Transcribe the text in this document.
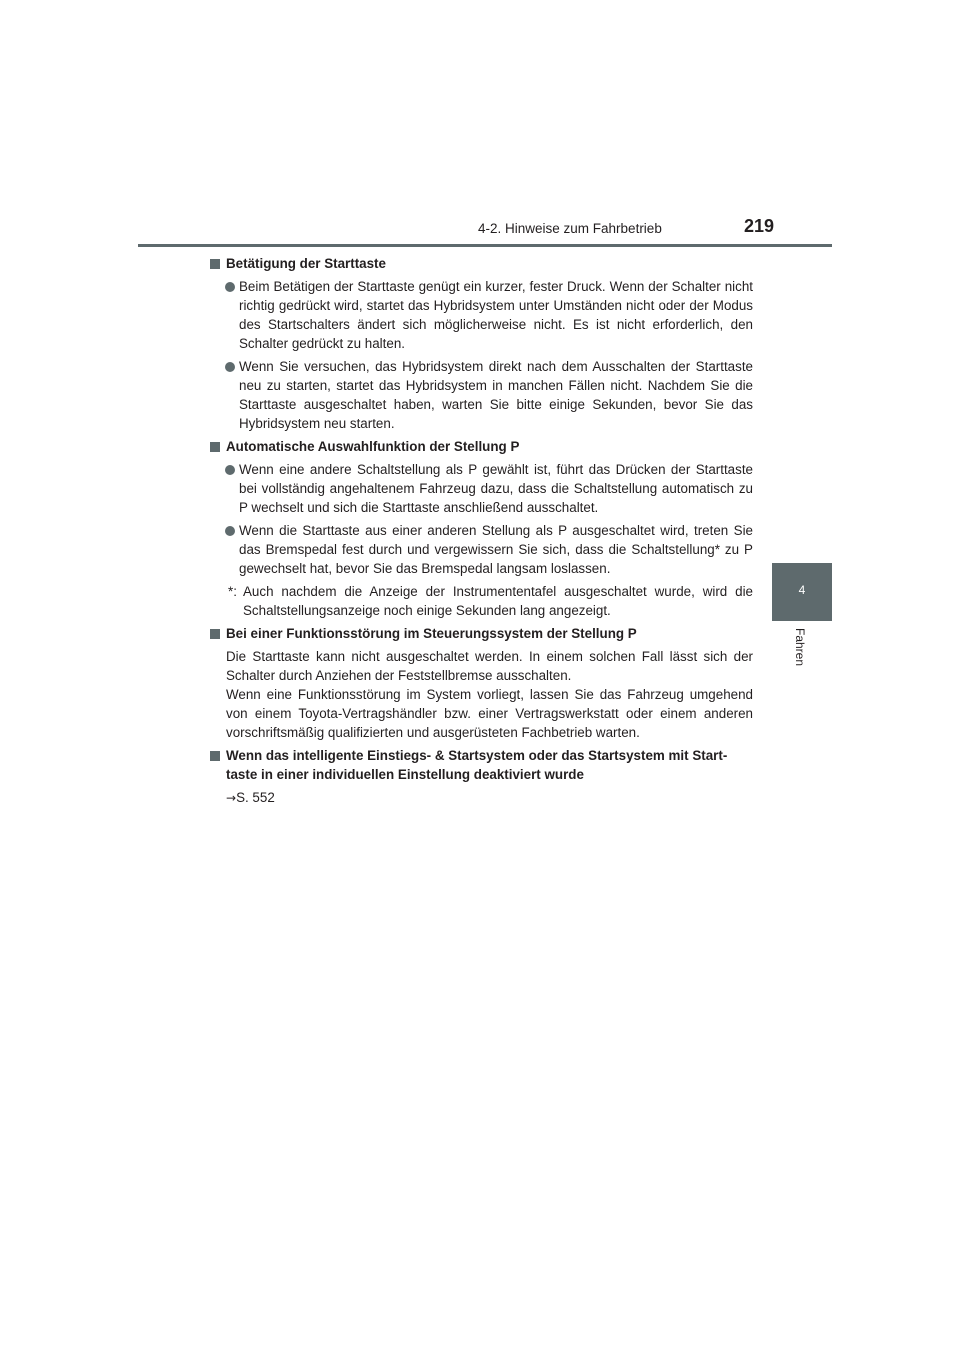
4-2. Hinweise zum Fahrbetrieb	219
4
Fahren
Betätigung der Starttaste
Beim Betätigen der Starttaste genügt ein kurzer, fester Druck. Wenn der Schalter nicht richtig gedrückt wird, startet das Hybridsystem unter Umständen nicht oder der Modus des Startschalters ändert sich möglicherweise nicht. Es ist nicht erforderlich, den Schalter gedrückt zu halten.
Wenn Sie versuchen, das Hybridsystem direkt nach dem Ausschalten der Starttaste neu zu starten, startet das Hybridsystem in manchen Fällen nicht. Nachdem Sie die Starttaste ausgeschaltet haben, warten Sie bitte einige Sekunden, bevor Sie das Hybridsystem neu starten.
Automatische Auswahlfunktion der Stellung P
Wenn eine andere Schaltstellung als P gewählt ist, führt das Drücken der Starttaste bei vollständig angehaltenem Fahrzeug dazu, dass die Schaltstellung automatisch zu P wechselt und sich die Starttaste anschließend ausschaltet.
Wenn die Starttaste aus einer anderen Stellung als P ausgeschaltet wird, treten Sie das Bremspedal fest durch und vergewissern Sie sich, dass die Schaltstellung* zu P gewechselt hat, bevor Sie das Bremspedal langsam loslassen.
*: Auch nachdem die Anzeige der Instrumententafel ausgeschaltet wurde, wird die Schaltstellungsanzeige noch einige Sekunden lang angezeigt.
Bei einer Funktionsstörung im Steuerungssystem der Stellung P
Die Starttaste kann nicht ausgeschaltet werden. In einem solchen Fall lässt sich der Schalter durch Anziehen der Feststellbremse ausschalten.
Wenn eine Funktionsstörung im System vorliegt, lassen Sie das Fahrzeug umgehend von einem Toyota-Vertragshändler bzw. einer Vertragswerkstatt oder einem anderen vorschriftsmäßig qualifizierten und ausgerüsteten Fachbetrieb warten.
Wenn das intelligente Einstiegs- & Startsystem oder das Startsystem mit Start-taste in einer individuellen Einstellung deaktiviert wurde
→S. 552
